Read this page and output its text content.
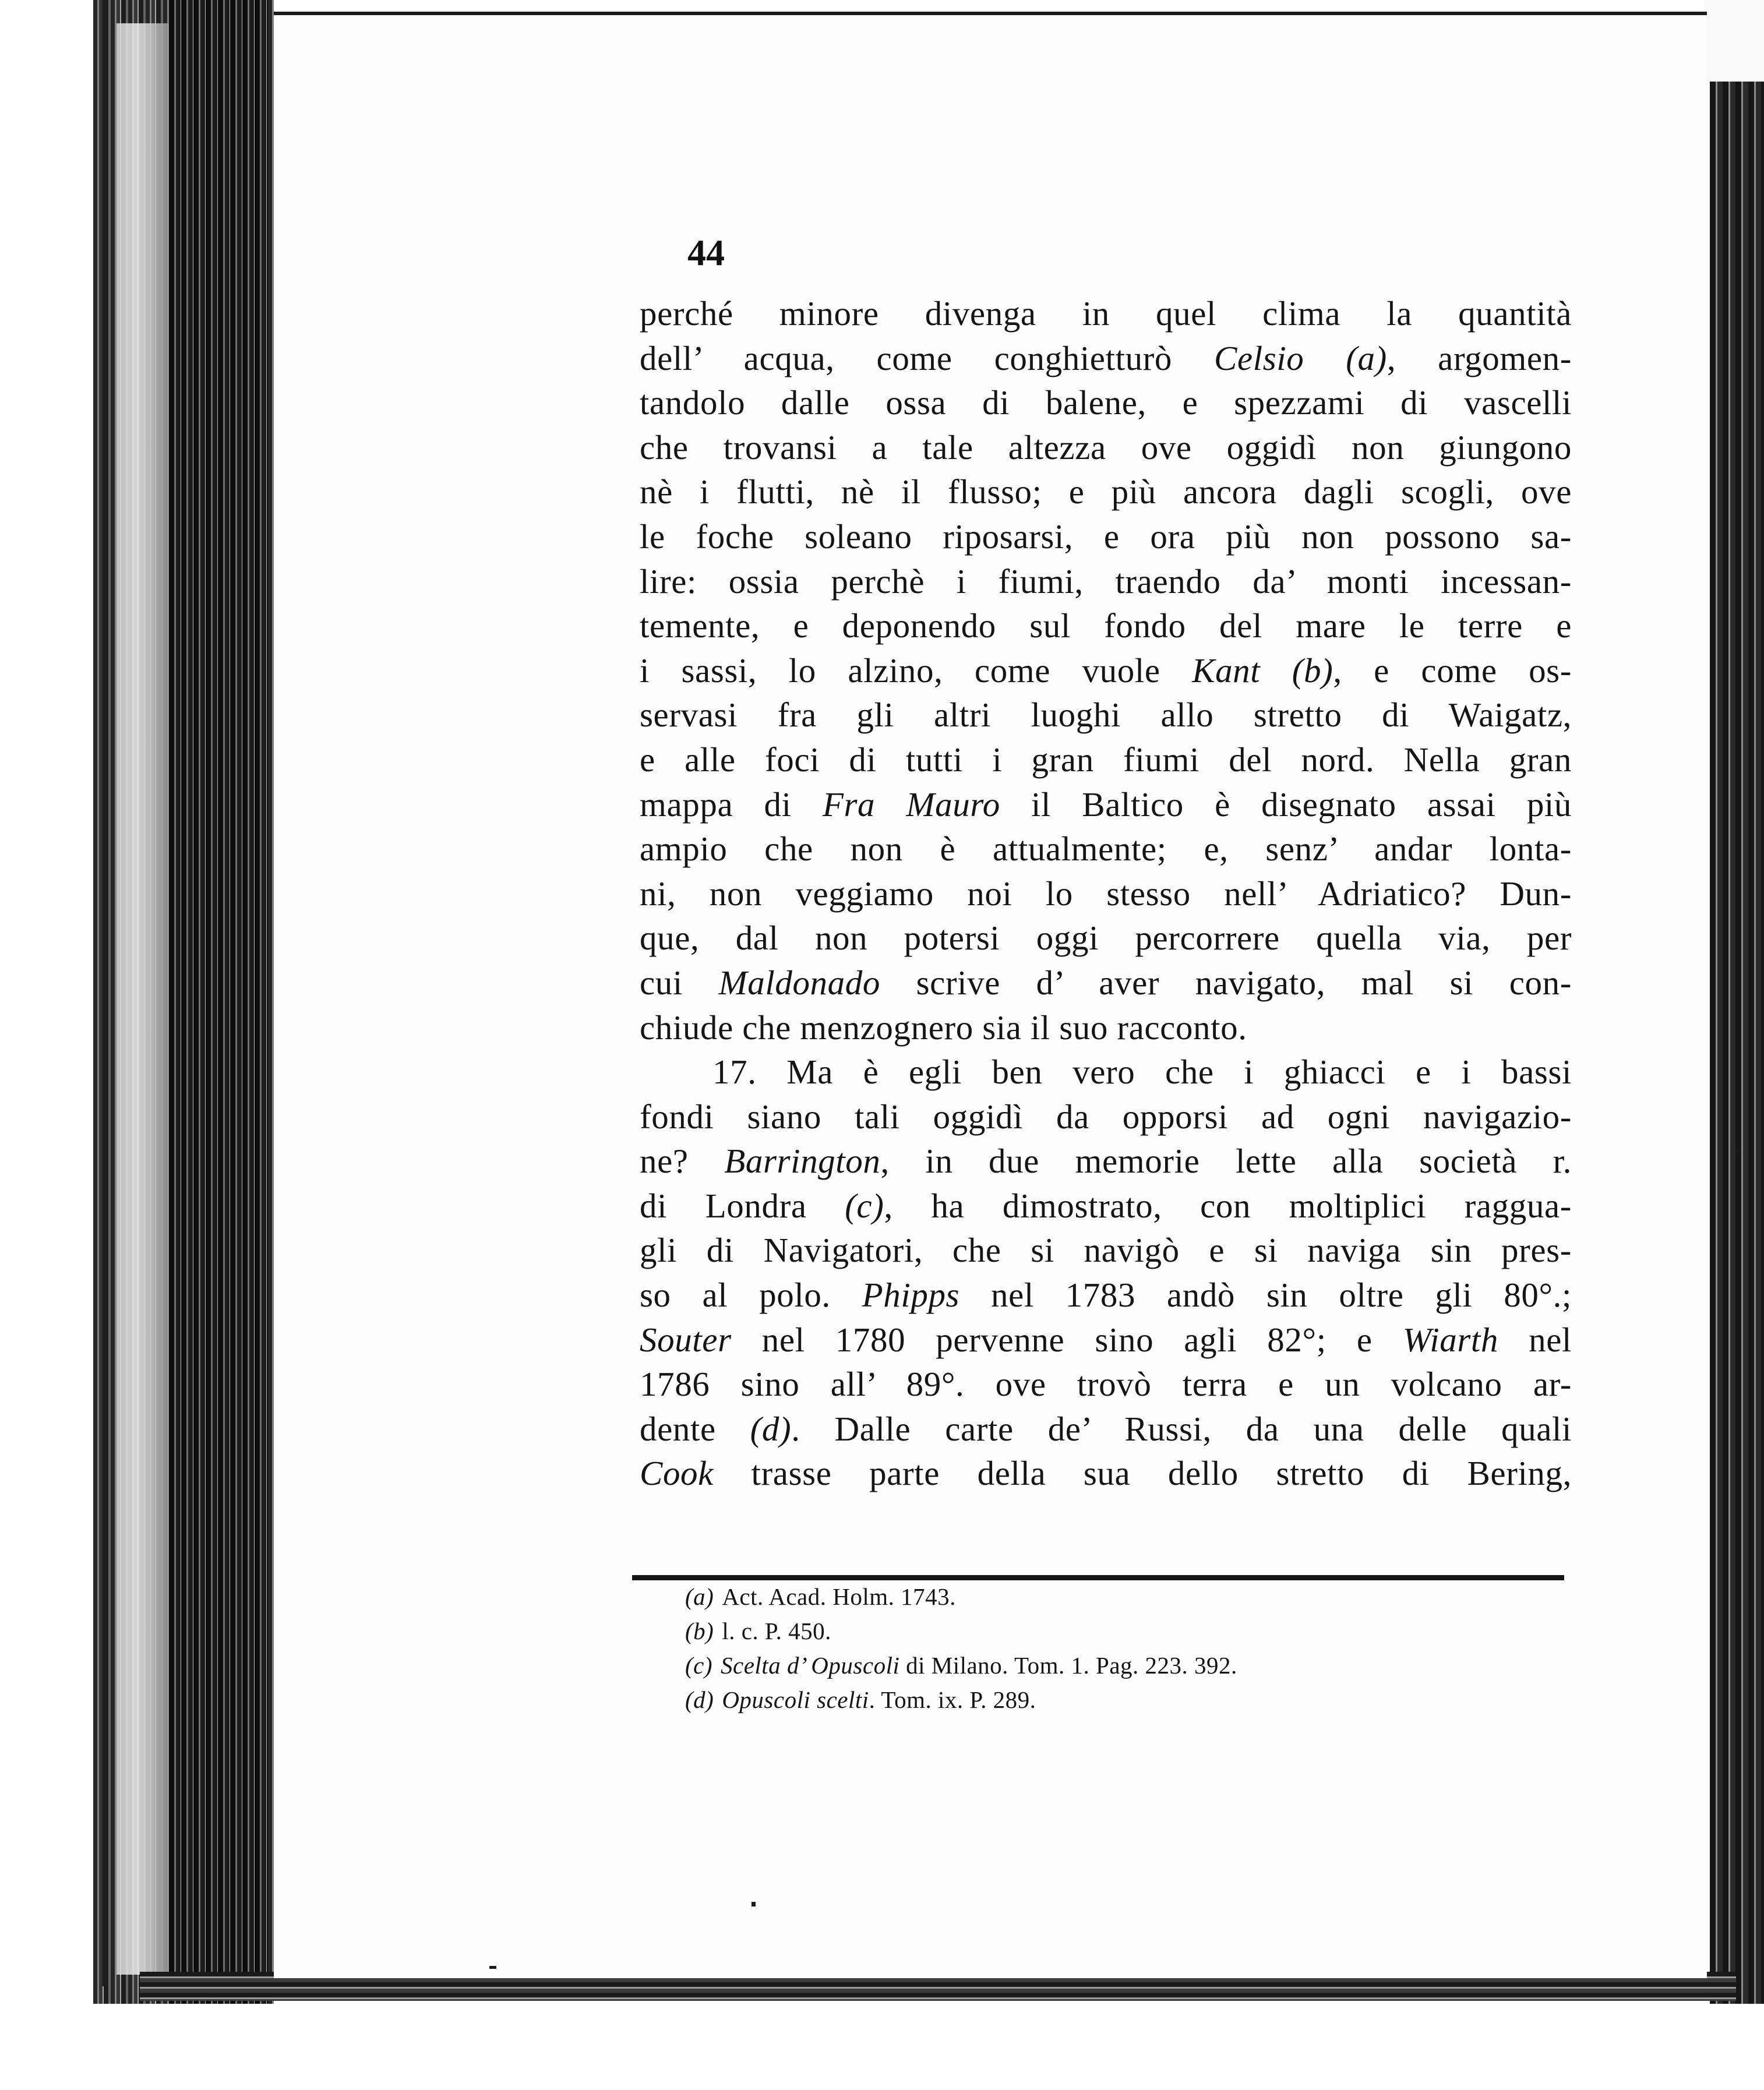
44
perché minore divenga in quel clima la quantità
dell’ acqua, come conghietturò Celsio (a), argomen-
tandolo dalle ossa di balene, e spezzami di vascelli
che trovansi a tale altezza ove oggidì non giungono
nè i flutti, nè il flusso; e più ancora dagli scogli, ove
le foche soleano riposarsi, e ora più non possono sa-
lire: ossia perchè i fiumi, traendo da’ monti incessan-
temente, e deponendo sul fondo del mare le terre e
i sassi, lo alzino, come vuole Kant (b), e come os-
servasi fra gli altri luoghi allo stretto di Waigatz,
e alle foci di tutti i gran fiumi del nord. Nella gran
mappa di Fra Mauro il Baltico è disegnato assai più
ampio che non è attualmente; e, senz’ andar lonta-
ni, non veggiamo noi lo stesso nell’ Adriatico? Dun-
que, dal non potersi oggi percorrere quella via, per
cui Maldonado scrive d’ aver navigato, mal si con-
chiude che menzognero sia il suo racconto.
17. Ma è egli ben vero che i ghiacci e i bassi
fondi siano tali oggidì da opporsi ad ogni navigazio-
ne? Barrington, in due memorie lette alla società r.
di Londra (c), ha dimostrato, con moltiplici ragguа-
gli di Navigatori, che si navigò e si naviga sin pres-
so al polo. Phipps nel 1783 andò sin oltre gli 80°.;
Souter nel 1780 pervenne sino agli 82°; e Wiarth nel
1786 sino all’ 89°. ove trovò terra e un volcano ar-
dente (d). Dalle carte de’ Russi, da una delle quali
Cook trasse parte della sua dello stretto di Bering,
(a) Act. Acad. Holm. 1743.
(b) l. c. P. 450.
(c) Scelta d’ Opuscoli di Milano. Tom. 1. Pag. 223. 392.
(d) Opuscoli scelti. Tom. ix. P. 289.
